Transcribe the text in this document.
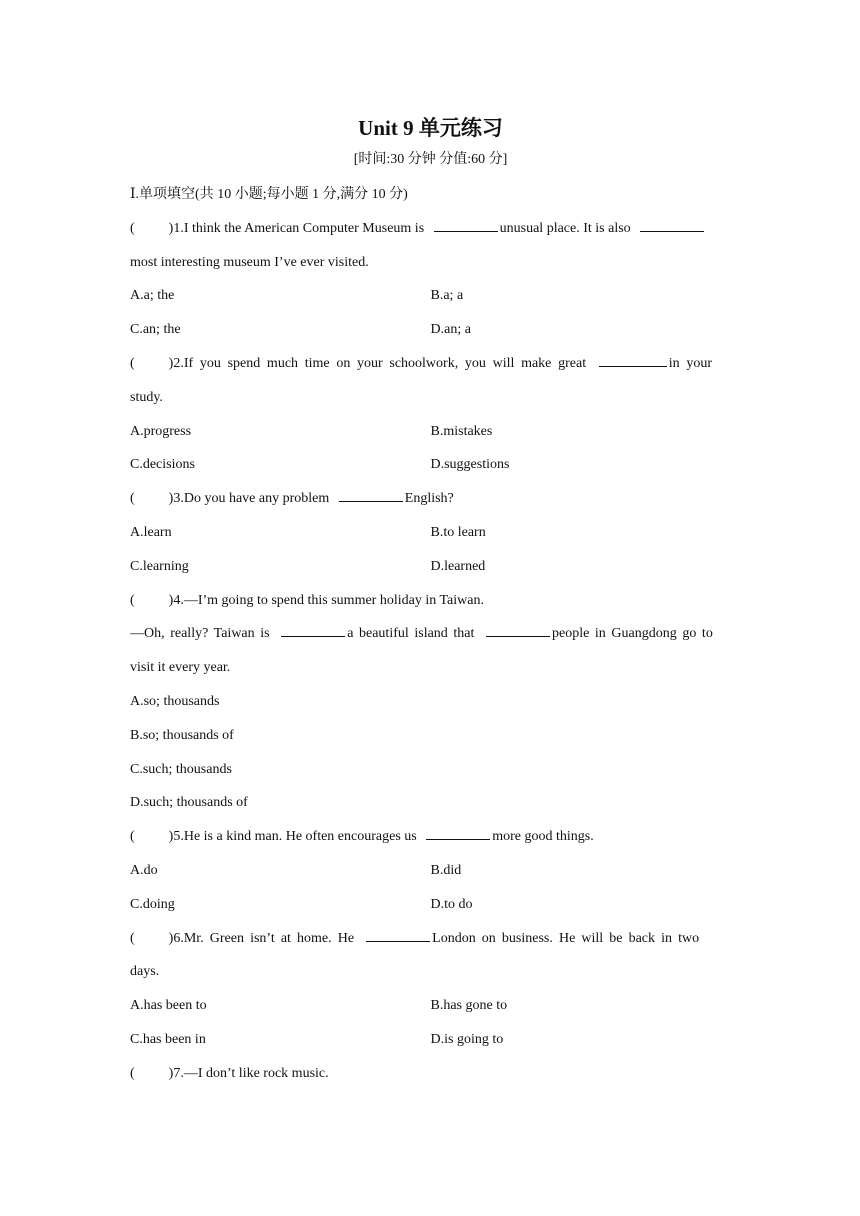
Unit 9 单元练习
[时间:30 分钟 分值:60 分]
Ⅰ.单项填空(共 10 小题;每小题 1 分,满分 10 分)
( )1.I think the American Computer Museum is	unusual place. It is also
most interesting museum I’ve ever visited.
A.a; the	B.a; a
C.an; the	D.an; a
( )2.If you spend much time on your schoolwork, you will make great	in your
study.
A.progress	B.mistakes
C.decisions	D.suggestions
( )3.Do you have any problem	English?
A.learn	B.to learn
C.learning	D.learned
( )4.—I’m going to spend this summer holiday in Taiwan.
—Oh, really? Taiwan is	a beautiful island that	people in Guangdong go to
visit it every year.
A.so; thousands
B.so; thousands of
C.such; thousands
D.such; thousands of
( )5.He is a kind man. He often encourages us	more good things.
A.do	B.did
C.doing	D.to do
( )6.Mr. Green isn’t at home. He	London on business. He will be back in two
days.
A.has been to	B.has gone to
C.has been in	D.is going to
( )7.—I don’t like rock music.
